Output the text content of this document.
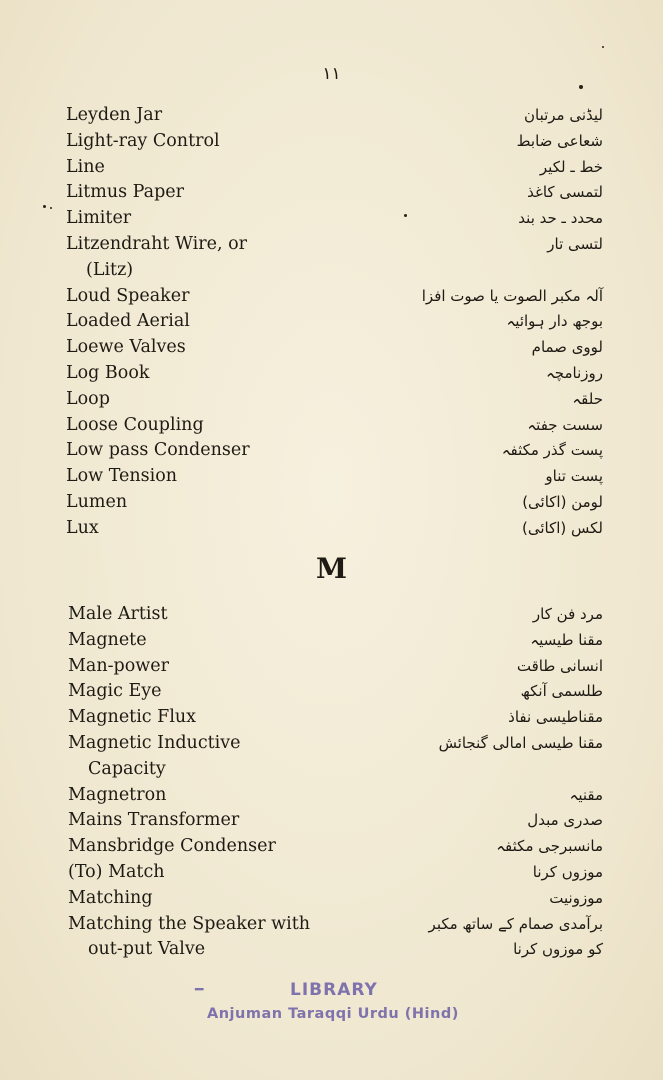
١١
Leyden Jar	لیڈنی مرتبان
Light-ray Control	شعاعی ضابط
Line	خط ـ لکیر
Litmus Paper	لتمسی کاغذ
Limiter	محدد ـ حد بند
Litzendraht Wire, or	لتسی تار
(Litz)
Loud Speaker	آلہ مکبر الصوت یا صوت افزا
Loaded Aerial	بوجھ دار ہوائیہ
Loewe Valves	لووی صمام
Log Book	روزنامچہ
Loop	حلقہ
Loose Coupling	سست جفتہ
Low pass Condenser	پست گذر مکثفہ
Low Tension	پست تناو
Lumen	لومن (اکائی)
Lux	لکس (اکائی)
M
Male Artist	مرد فن کار
Magnete	مقنا طیسیہ
Man-power	انسانی طاقت
Magic Eye	طلسمی آنکھ
Magnetic Flux	مقناطیسی نفاذ
Magnetic Inductive	مقنا طیسی امالی گنجائش
Capacity
Magnetron	مقنیہ
Mains Transformer	صدری مبدل
Mansbridge Condenser	مانسبرجی مکثفہ
(To) Match	موزوں کرنا
Matching	موزونیت
Matching the Speaker with	برآمدی صمام کے ساتھ مکبر
out-put Valve	کو موزوں کرنا
━	LIBRARY
Anjuman Taraqqi Urdu (Hind)
